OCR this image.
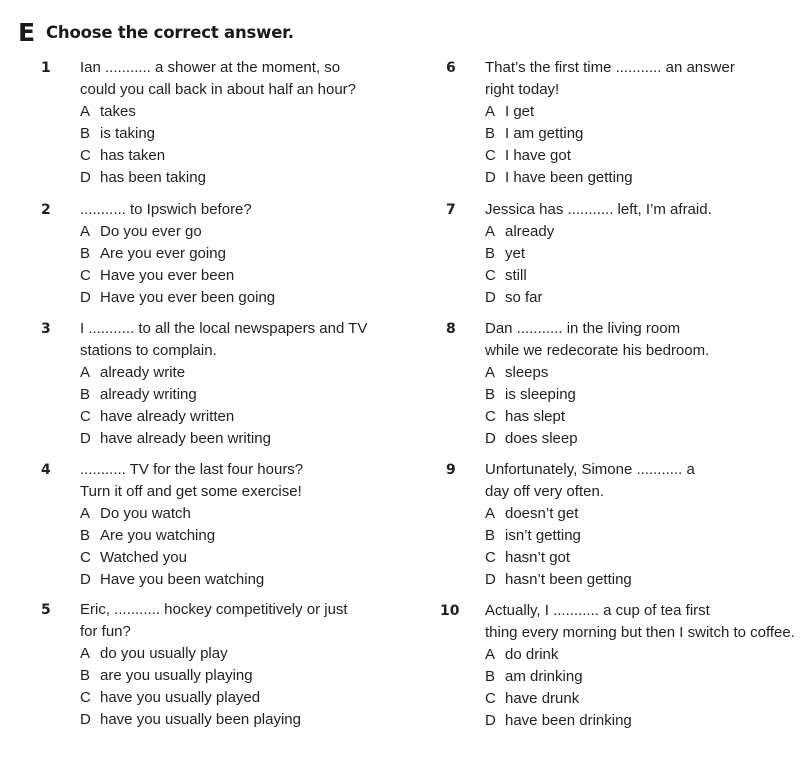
E Choose the correct answer.
1	Ian ........... a shower at the moment, so
could you call back in about half an hour?
A takes
B is taking
C has taken
D has been taking
2	........... to Ipswich before?
A Do you ever go
B Are you ever going
C Have you ever been
D Have you ever been going
3	I ........... to all the local newspapers and TV
stations to complain.
A already write
B already writing
C have already written
D have already been writing
4	........... TV for the last four hours?
Turn it off and get some exercise!
A Do you watch
B Are you watching
C Watched you
D Have you been watching
5	Eric, ........... hockey competitively or just
for fun?
A do you usually play
B are you usually playing
C have you usually played
D have you usually been playing
6	That’s the first time ........... an answer
right today!
A I get
B I am getting
C I have got
D I have been getting
7	Jessica has ........... left, I’m afraid.
A already
B yet
C still
D so far
8	Dan ........... in the living room
while we redecorate his bedroom.
A sleeps
B is sleeping
C has slept
D does sleep
9	Unfortunately, Simone ........... a
day off very often.
A doesn’t get
B isn’t getting
C hasn’t got
D hasn’t been getting
10	Actually, I ........... a cup of tea first
thing every morning but then I switch to coffee.
A do drink
B am drinking
C have drunk
D have been drinking
